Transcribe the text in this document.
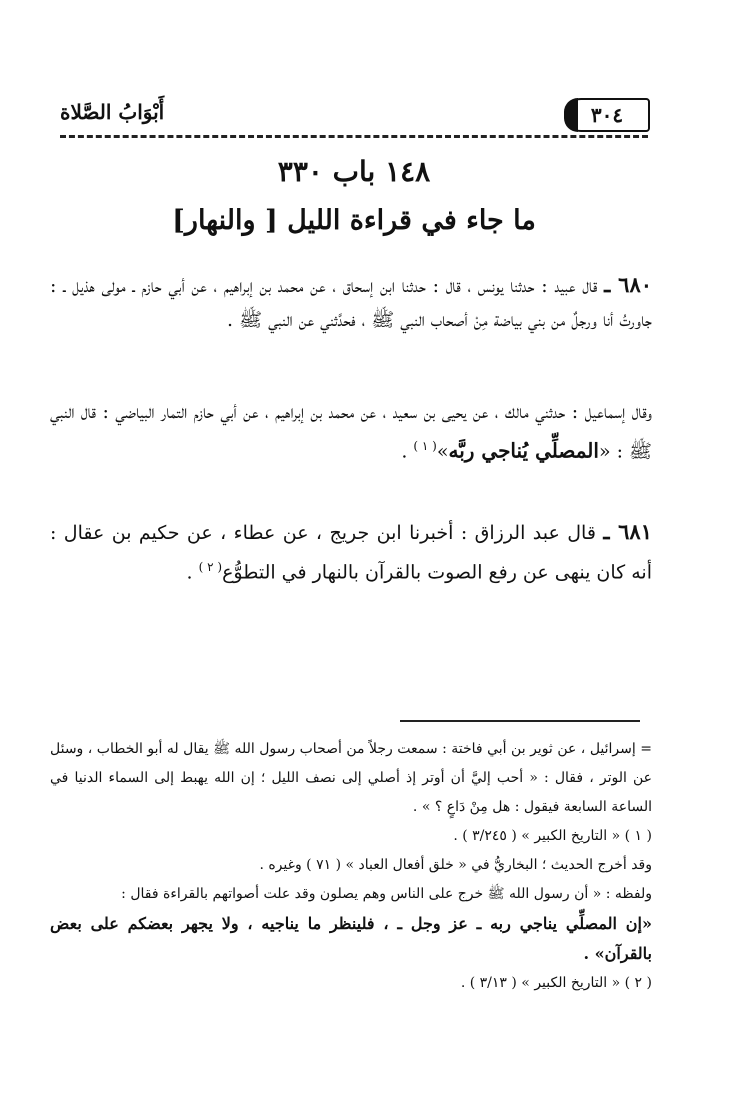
٣٠٤
أَبْوَابُ الصَّلاة
١٤٨ باب ٣٣٠
ما جاء في قراءة الليل [ والنهار]
٦٨٠ ـ قال عبيد : حدثنا يونس ، قال : حدثنا ابن إسحاق ، عن محمد بن إبراهيم ، عن أبي حازم ـ مولى هذيل ـ : جاورتُ أنا ورجلٌ من بني بياضة مِنْ أصحاب النبي ﷺ ، فحدَّثني عن النبي ﷺ .
وقال إسماعيل : حدثني مالك ، عن يحيى بن سعيد ، عن محمد بن إبراهيم ، عن أبي حازم التمار البياضي : قال النبي ﷺ : «المصلِّي يُناجي ربَّه»$^{( ١ )}$ .
٦٨١ ـ قال عبد الرزاق : أخبرنا ابن جريج ، عن عطاء ، عن حكيم بن عقال : أنه كان ينهى عن رفع الصوت بالقرآن بالنهار في التطوُّع$^{( ٢ )}$ .

= إسرائيل ، عن ثوير بن أبي فاختة : سمعت رجلاً من أصحاب رسول الله ﷺ يقال له أبو الخطاب ، وسئل عن الوتر ، فقال : « أحب إليَّ أن أوتر إذ أصلي إلى نصف الليل ؛ إن الله يهبط إلى السماء الدنيا في الساعة السابعة فيقول : هل مِنْ دَاعٍ ؟ » .

( ١ ) « التاريخ الكبير » ( ٣/٢٤٥ ) .

وقد أخرج الحديث ؛ البخاريُّ في « خلق أفعال العباد » ( ٧١ ) وغيره .

ولفظه : « أن رسول الله ﷺ خرج على الناس وهم يصلون وقد علت أصواتهم بالقراءة فقال :

«إن المصلِّي يناجي ربه ـ عز وجل ـ ، فلينظر ما يناجيه ، ولا يجهر بعضكم على بعض بالقرآن» .

( ٢ ) « التاريخ الكبير » ( ٣/١٣ ) .
